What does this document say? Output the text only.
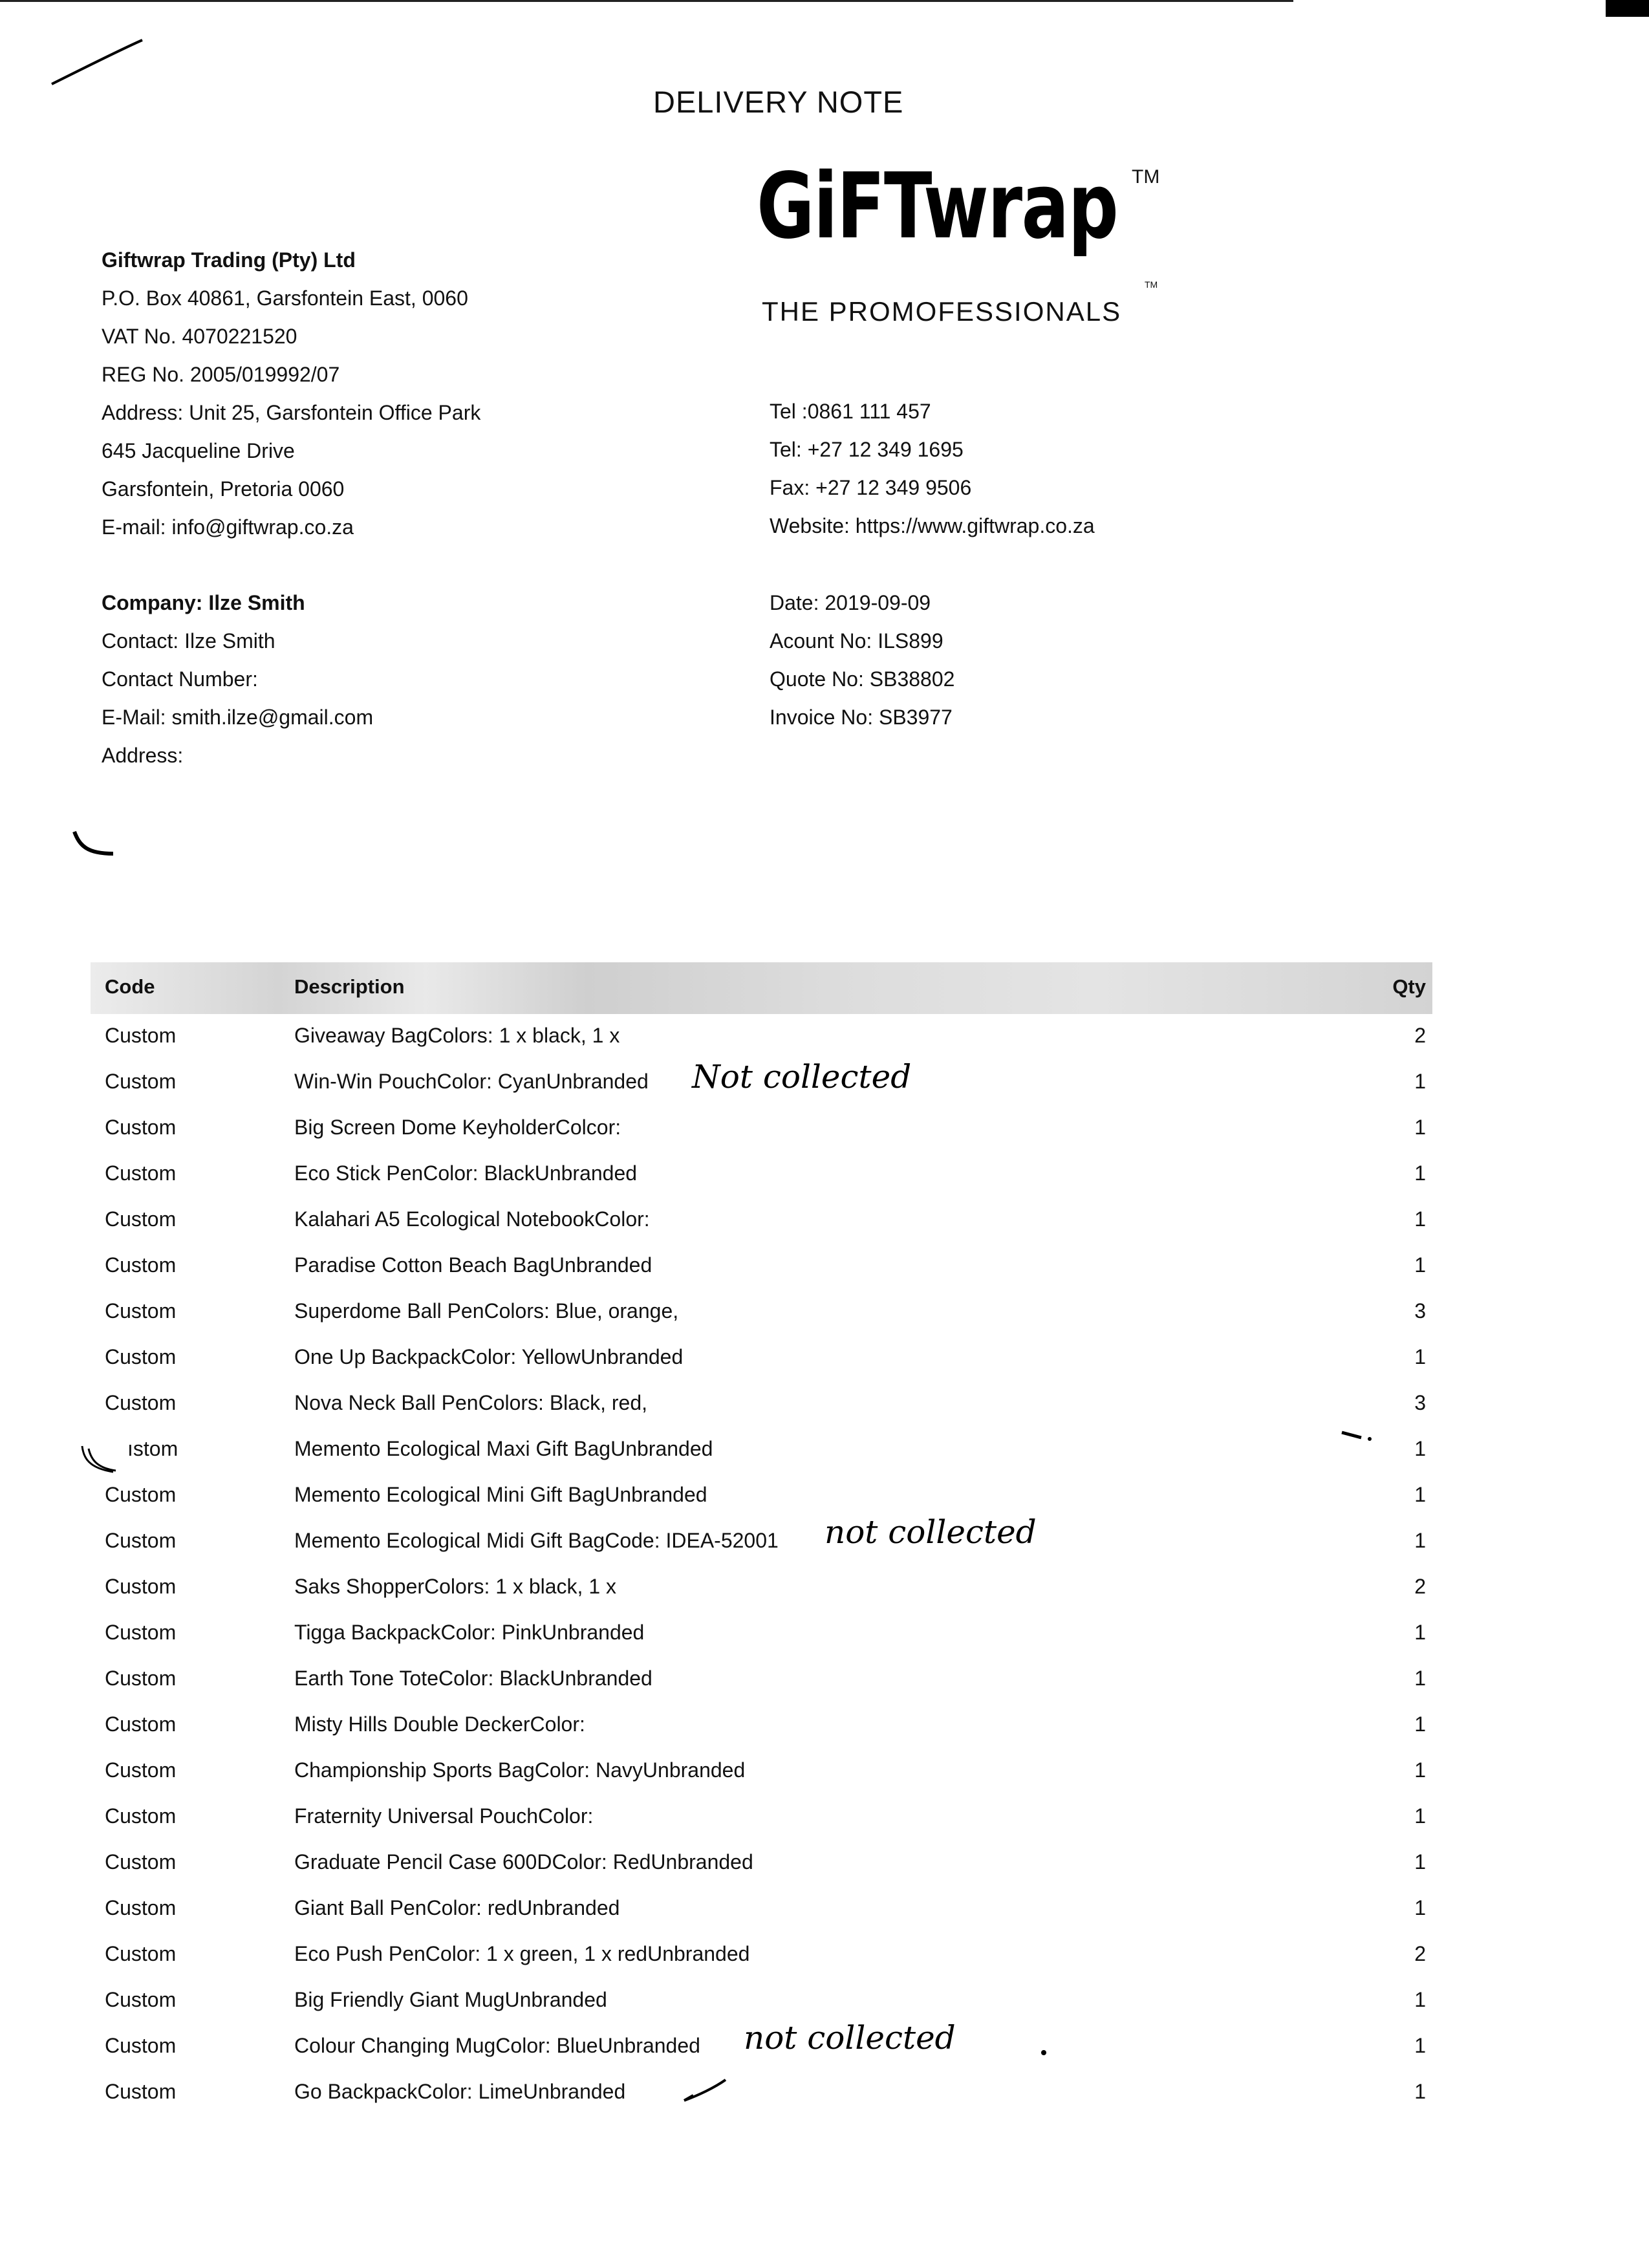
DELIVERY NOTE
GiFTwrap TM
THE PROMOFESSIONALS
TM
Giftwrap Trading (Pty) Ltd
P.O. Box 40861, Garsfontein East, 0060
VAT No. 4070221520
REG No. 2005/019992/07
Address: Unit 25, Garsfontein Office Park
645 Jacqueline Drive
Garsfontein, Pretoria 0060
E-mail: info@giftwrap.co.za
Tel :0861 111 457
Tel: +27 12 349 1695
Fax: +27 12 349 9506
Website: https://www.giftwrap.co.za
Company: Ilze Smith
Contact: Ilze Smith
Contact Number:
E-Mail: smith.ilze@gmail.com
Address:
Date: 2019-09-09
Acount No: ILS899
Quote No: SB38802
Invoice No: SB3977
Code	Description	Qty
Custom	Giveaway BagColors: 1 x black, 1 x	2
Custom	Win-Win PouchColor: CyanUnbranded	1
Custom	Big Screen Dome KeyholderColcor:	1
Custom	Eco Stick PenColor: BlackUnbranded	1
Custom	Kalahari A5 Ecological NotebookColor:	1
Custom	Paradise Cotton Beach BagUnbranded	1
Custom	Superdome Ball PenColors: Blue, orange,	3
Custom	One Up BackpackColor: YellowUnbranded	1
Custom	Nova Neck Ball PenColors: Black, red,	3
ıstom	Memento Ecological Maxi Gift BagUnbranded	1
Custom	Memento Ecological Mini Gift BagUnbranded	1
Custom	Memento Ecological Midi Gift BagCode: IDEA-52001	1
Custom	Saks ShopperColors: 1 x black, 1 x	2
Custom	Tigga BackpackColor: PinkUnbranded	1
Custom	Earth Tone ToteColor: BlackUnbranded	1
Custom	Misty Hills Double DeckerColor:	1
Custom	Championship Sports BagColor: NavyUnbranded	1
Custom	Fraternity Universal PouchColor:	1
Custom	Graduate Pencil Case 600DColor: RedUnbranded	1
Custom	Giant Ball PenColor: redUnbranded	1
Custom	Eco Push PenColor: 1 x green, 1 x redUnbranded	2
Custom	Big Friendly Giant MugUnbranded	1
Custom	Colour Changing MugColor: BlueUnbranded	1
Custom	Go BackpackColor: LimeUnbranded	1
Not collected
not collected
not collected
